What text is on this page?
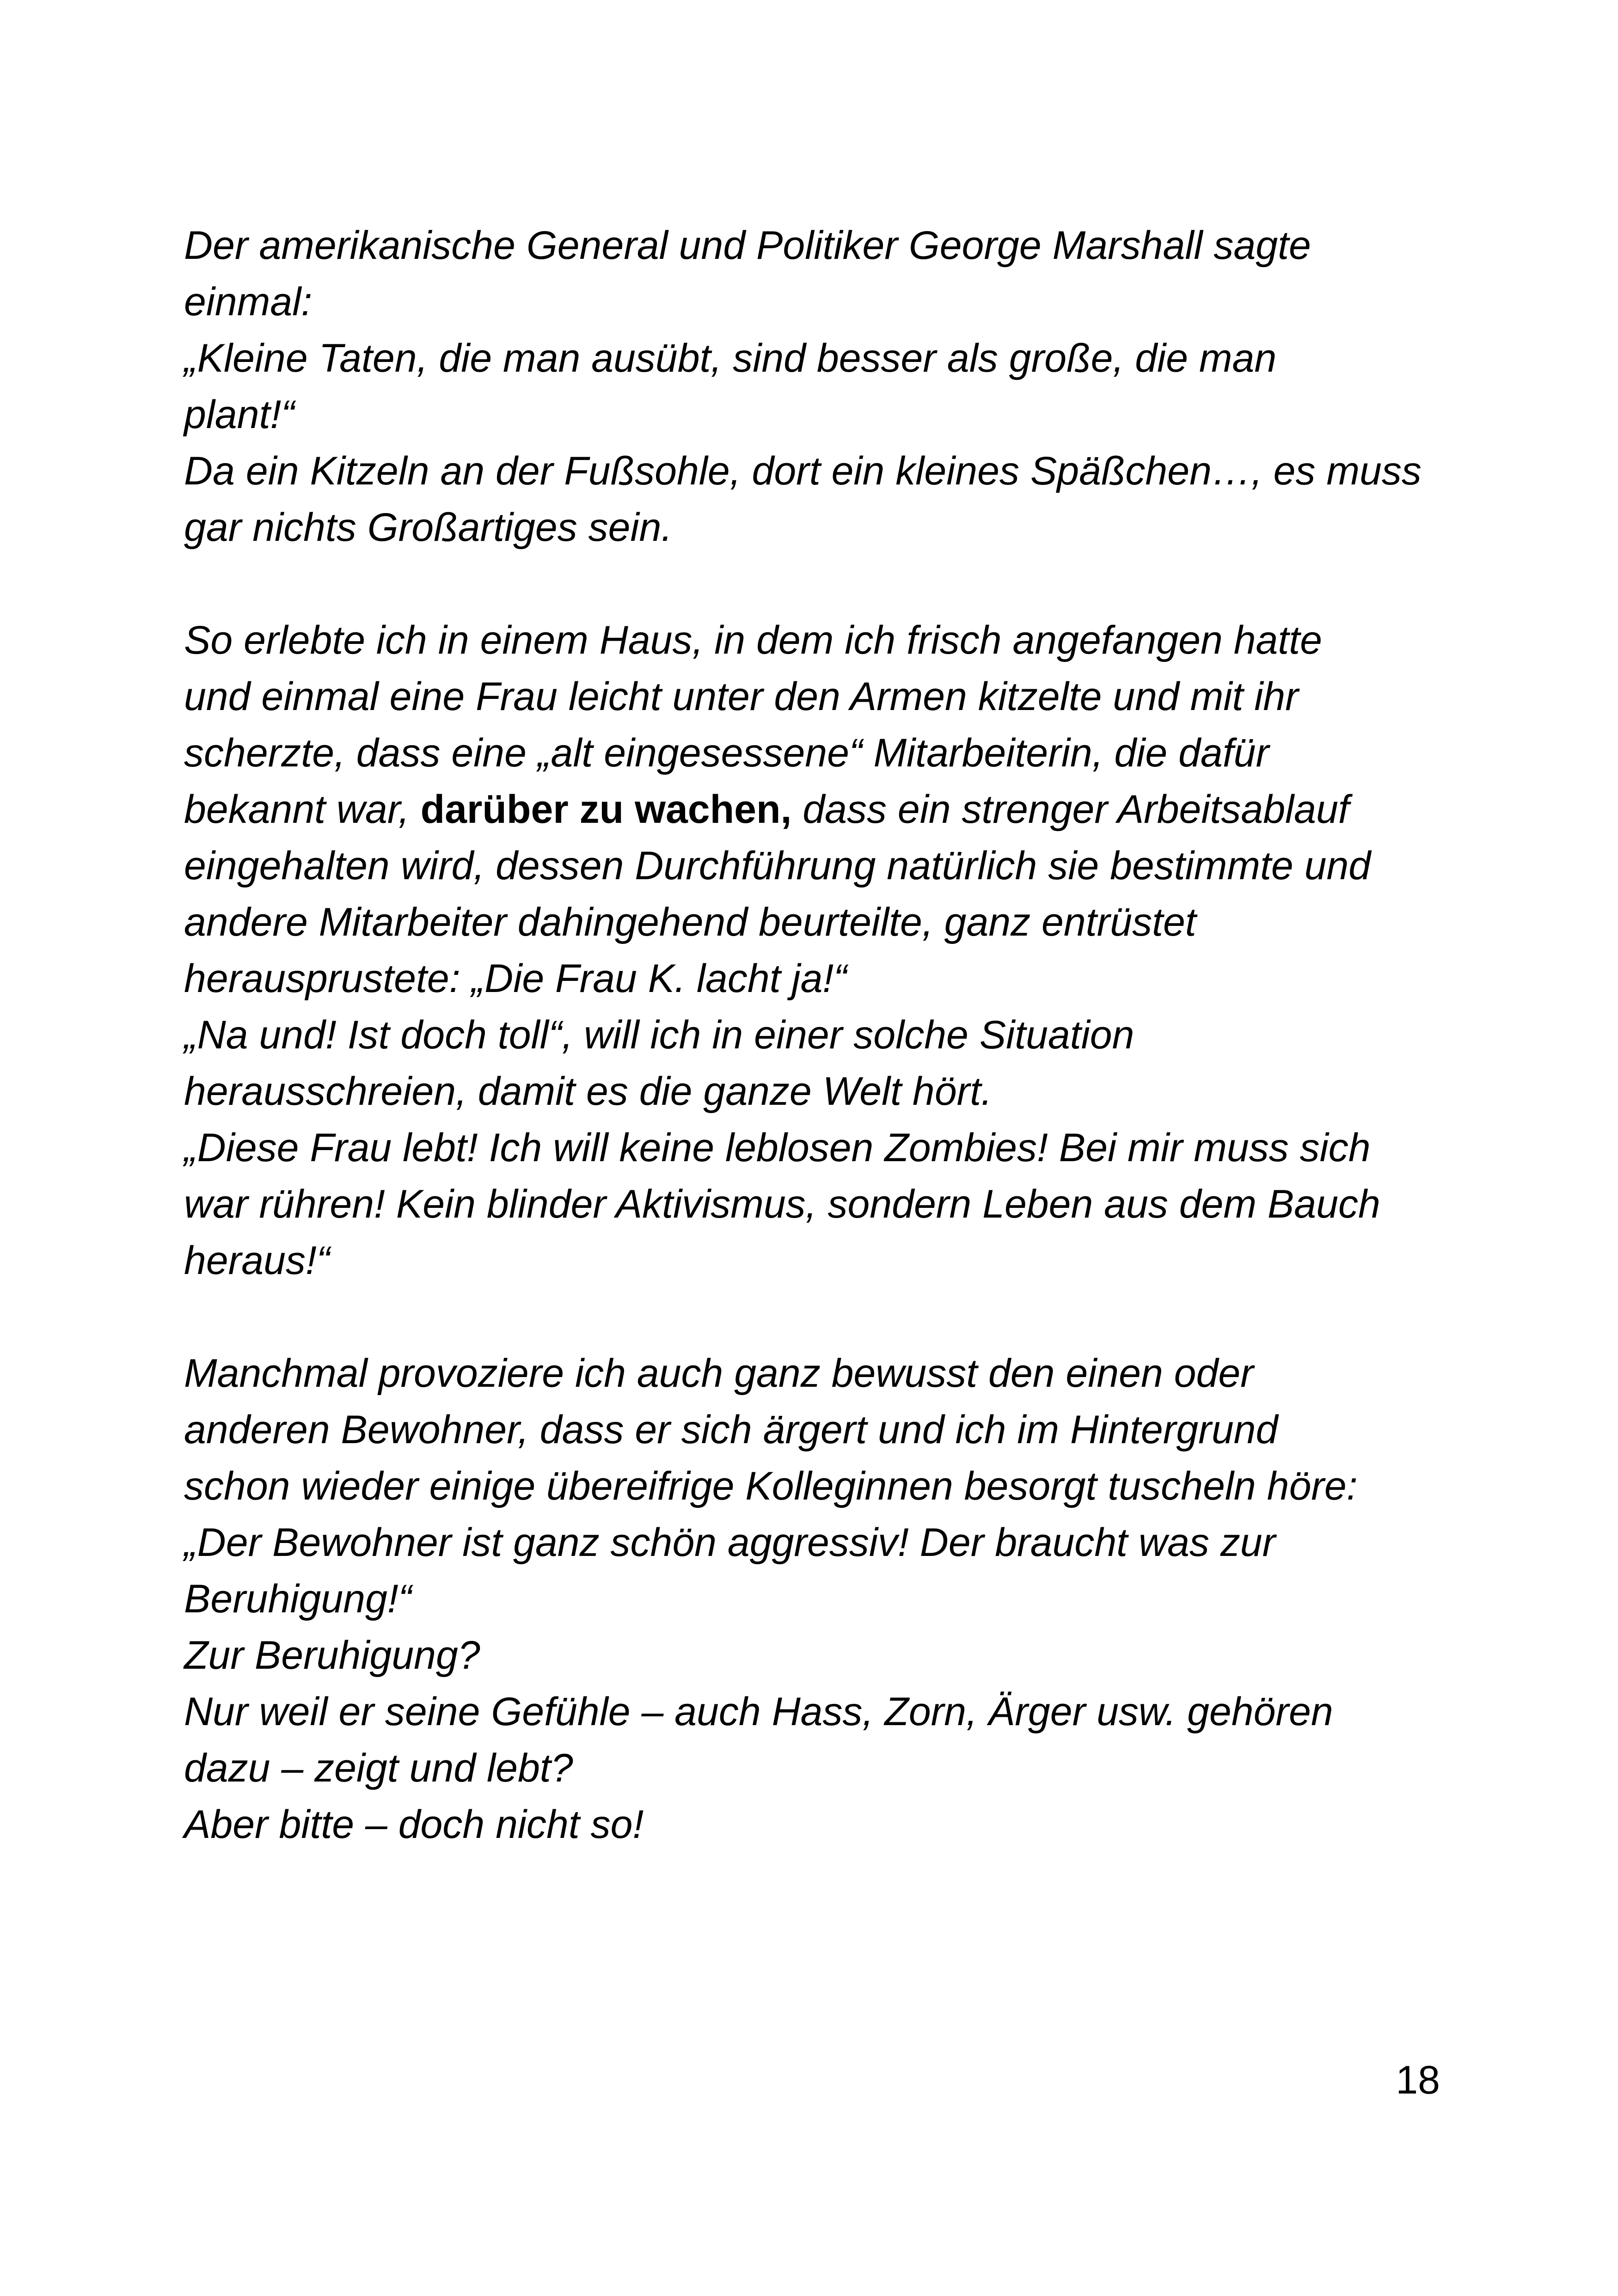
Der amerikanische General und Politiker George Marshall sagte
einmal:
„Kleine Taten, die man ausübt, sind besser als große, die man
plant!“
Da ein Kitzeln an der Fußsohle, dort ein kleines Späßchen…, es muss
gar nichts Großartiges sein.
So erlebte ich in einem Haus, in dem ich frisch angefangen hatte
und einmal eine Frau leicht unter den Armen kitzelte und mit ihr
scherzte, dass eine „alt eingesessene“ Mitarbeiterin, die dafür
bekannt war, darüber zu wachen, dass ein strenger Arbeitsablauf
eingehalten wird, dessen Durchführung natürlich sie bestimmte und
andere Mitarbeiter dahingehend beurteilte, ganz entrüstet
herausprustete: „Die Frau K. lacht ja!“
„Na und! Ist doch toll“, will ich in einer solche Situation
herausschreien, damit es die ganze Welt hört.
„Diese Frau lebt! Ich will keine leblosen Zombies! Bei mir muss sich
war rühren! Kein blinder Aktivismus, sondern Leben aus dem Bauch
heraus!“
Manchmal provoziere ich auch ganz bewusst den einen oder
anderen Bewohner, dass er sich ärgert und ich im Hintergrund
schon wieder einige übereifrige Kolleginnen besorgt tuscheln höre:
„Der Bewohner ist ganz schön aggressiv! Der braucht was zur
Beruhigung!“
Zur Beruhigung?
Nur weil er seine Gefühle – auch Hass, Zorn, Ärger usw. gehören
dazu – zeigt und lebt?
Aber bitte – doch nicht so!
18
